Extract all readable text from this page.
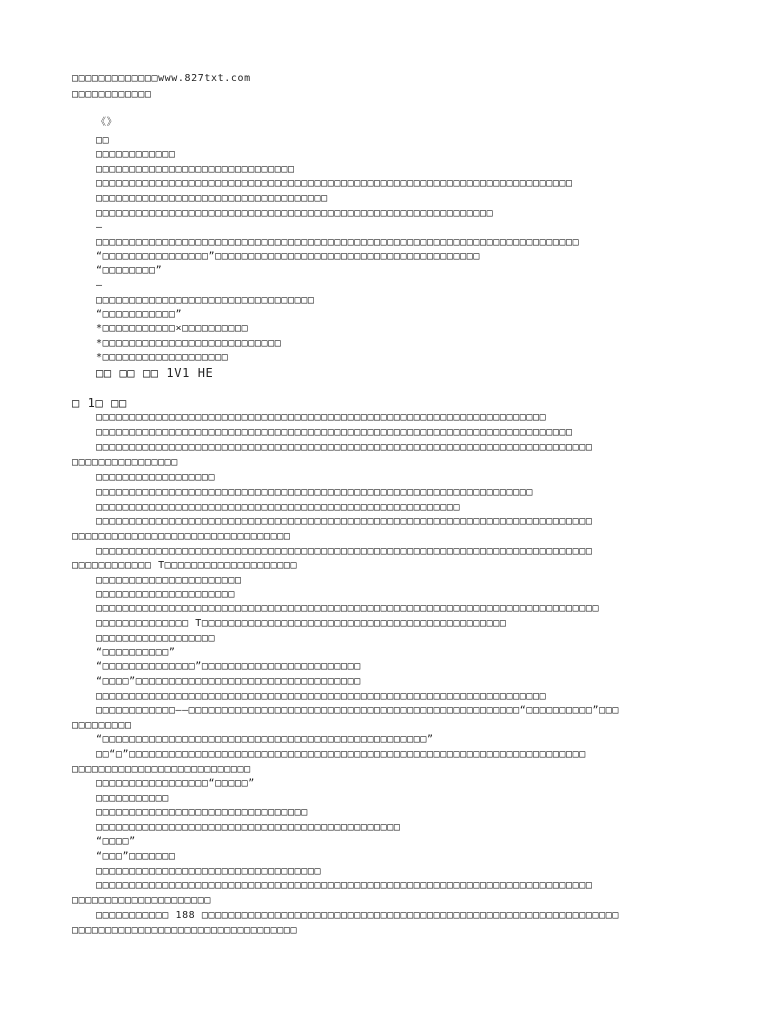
□□□□□□□□□□□□□www.827txt.com
□□□□□□□□□□□□
《》
□□
□□□□□□□□□□□□
□□□□□□□□□□□□□□□□□□□□□□□□□□□□□□
□□□□□□□□□□□□□□□□□□□□□□□□□□□□□□□□□□□□□□□□□□□□□□□□□□□□□□□□□□□□□□□□□□□□□□□□
□□□□□□□□□□□□□□□□□□□□□□□□□□□□□□□□□□□
□□□□□□□□□□□□□□□□□□□□□□□□□□□□□□□□□□□□□□□□□□□□□□□□□□□□□□□□□□□□
—
□□□□□□□□□□□□□□□□□□□□□□□□□□□□□□□□□□□□□□□□□□□□□□□□□□□□□□□□□□□□□□□□□□□□□□□□□
“□□□□□□□□□□□□□□□□”□□□□□□□□□□□□□□□□□□□□□□□□□□□□□□□□□□□□□□□□
“□□□□□□□□”
—
□□□□□□□□□□□□□□□□□□□□□□□□□□□□□□□□□
“□□□□□□□□□□□”
*□□□□□□□□□□□×□□□□□□□□□□
*□□□□□□□□□□□□□□□□□□□□□□□□□□□
*□□□□□□□□□□□□□□□□□□□
□□ □□ □□ 1V1 HE
□ 1□ □□
□□□□□□□□□□□□□□□□□□□□□□□□□□□□□□□□□□□□□□□□□□□□□□□□□□□□□□□□□□□□□□□□□□□□
□□□□□□□□□□□□□□□□□□□□□□□□□□□□□□□□□□□□□□□□□□□□□□□□□□□□□□□□□□□□□□□□□□□□□□□□
□□□□□□□□□□□□□□□□□□□□□□□□□□□□□□□□□□□□□□□□□□□□□□□□□□□□□□□□□□□□□□□□□□□□□□□□□□□
□□□□□□□□□□□□□□□□
□□□□□□□□□□□□□□□□□□
□□□□□□□□□□□□□□□□□□□□□□□□□□□□□□□□□□□□□□□□□□□□□□□□□□□□□□□□□□□□□□□□□□
□□□□□□□□□□□□□□□□□□□□□□□□□□□□□□□□□□□□□□□□□□□□□□□□□□□□□□□
□□□□□□□□□□□□□□□□□□□□□□□□□□□□□□□□□□□□□□□□□□□□□□□□□□□□□□□□□□□□□□□□□□□□□□□□□□□
□□□□□□□□□□□□□□□□□□□□□□□□□□□□□□□□□
□□□□□□□□□□□□□□□□□□□□□□□□□□□□□□□□□□□□□□□□□□□□□□□□□□□□□□□□□□□□□□□□□□□□□□□□□□□
□□□□□□□□□□□□ T□□□□□□□□□□□□□□□□□□□□
□□□□□□□□□□□□□□□□□□□□□□
□□□□□□□□□□□□□□□□□□□□□
□□□□□□□□□□□□□□□□□□□□□□□□□□□□□□□□□□□□□□□□□□□□□□□□□□□□□□□□□□□□□□□□□□□□□□□□□□□□
□□□□□□□□□□□□□□ T□□□□□□□□□□□□□□□□□□□□□□□□□□□□□□□□□□□□□□□□□□□□□□
□□□□□□□□□□□□□□□□□□
“□□□□□□□□□□”
“□□□□□□□□□□□□□□”□□□□□□□□□□□□□□□□□□□□□□□□
“□□□□”□□□□□□□□□□□□□□□□□□□□□□□□□□□□□□□□□□
□□□□□□□□□□□□□□□□□□□□□□□□□□□□□□□□□□□□□□□□□□□□□□□□□□□□□□□□□□□□□□□□□□□□
□□□□□□□□□□□□——□□□□□□□□□□□□□□□□□□□□□□□□□□□□□□□□□□□□□□□□□□□□□□□□□□“□□□□□□□□□□”□□□
□□□□□□□□□
“□□□□□□□□□□□□□□□□□□□□□□□□□□□□□□□□□□□□□□□□□□□□□□□□□”
□□“□”□□□□□□□□□□□□□□□□□□□□□□□□□□□□□□□□□□□□□□□□□□□□□□□□□□□□□□□□□□□□□□□□□□□□□
□□□□□□□□□□□□□□□□□□□□□□□□□□□
□□□□□□□□□□□□□□□□□“□□□□□”
□□□□□□□□□□□
□□□□□□□□□□□□□□□□□□□□□□□□□□□□□□□□
□□□□□□□□□□□□□□□□□□□□□□□□□□□□□□□□□□□□□□□□□□□□□□
“□□□□”
“□□□”□□□□□□□
□□□□□□□□□□□□□□□□□□□□□□□□□□□□□□□□□□
□□□□□□□□□□□□□□□□□□□□□□□□□□□□□□□□□□□□□□□□□□□□□□□□□□□□□□□□□□□□□□□□□□□□□□□□□□□
□□□□□□□□□□□□□□□□□□□□□
□□□□□□□□□□□ 188 □□□□□□□□□□□□□□□□□□□□□□□□□□□□□□□□□□□□□□□□□□□□□□□□□□□□□□□□□□□□□□□
□□□□□□□□□□□□□□□□□□□□□□□□□□□□□□□□□□
